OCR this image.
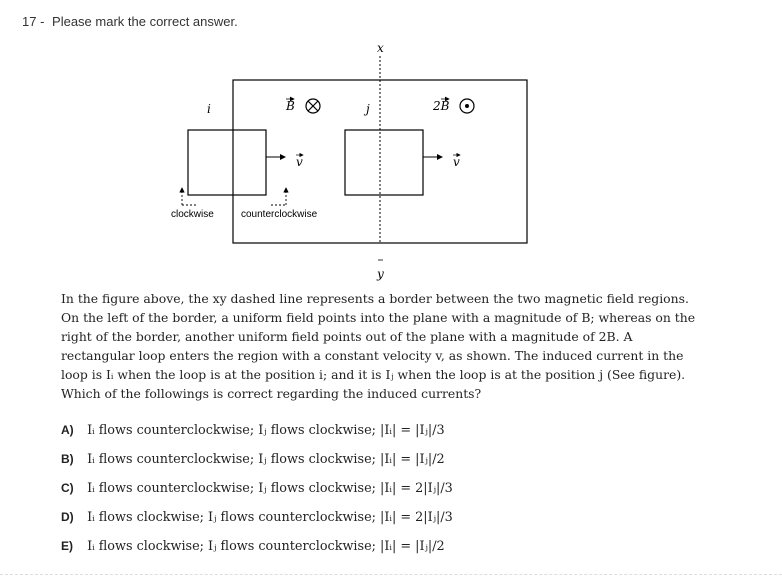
17 - Please mark the correct answer.
x
y
B	2B
i	j
v	v
clockwise	counterclockwise
In the figure above, the xy dashed line represents a border between the two magnetic field regions. On the left of the border, a uniform field points into the plane with a magnitude of B; whereas on the right of the border, another uniform field points out of the plane with a magnitude of 2B. A rectangular loop enters the region with a constant velocity v, as shown. The induced current in the loop is Iᵢ when the loop is at the position i; and it is Iⱼ when the loop is at the position j (See figure). Which of the followings is correct regarding the induced currents?
A) Iᵢ flows counterclockwise; Iⱼ flows clockwise; |Iᵢ| = |Iⱼ|/3
B) Iᵢ flows counterclockwise; Iⱼ flows clockwise; |Iᵢ| = |Iⱼ|/2
C) Iᵢ flows counterclockwise; Iⱼ flows clockwise; |Iᵢ| = 2|Iⱼ|/3
D) Iᵢ flows clockwise; Iⱼ flows counterclockwise; |Iᵢ| = 2|Iⱼ|/3
E) Iᵢ flows clockwise; Iⱼ flows counterclockwise; |Iᵢ| = |Iⱼ|/2
